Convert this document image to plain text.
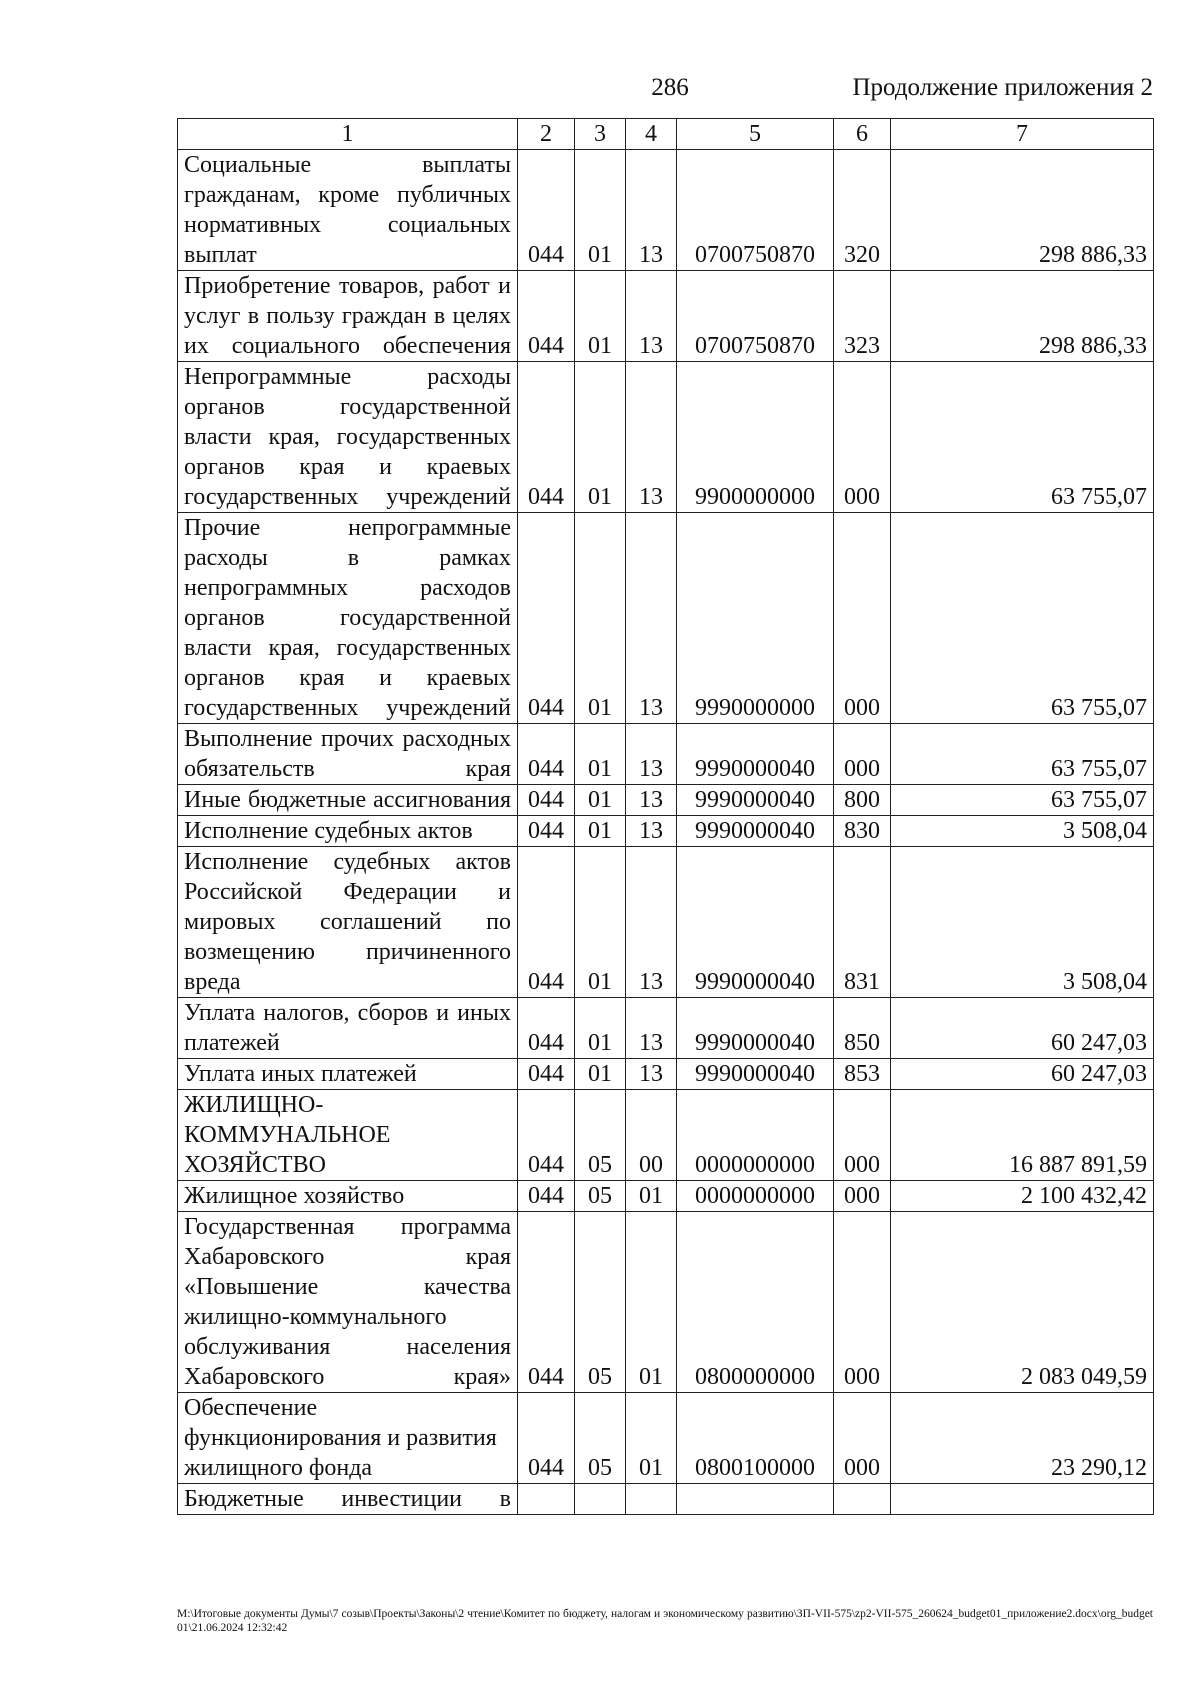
286	Продолжение приложения 2
1	2	3	4	5	6	7
Социальные выплаты гражданам, кроме публичных нормативных социальных выплат	044	01	13	0700750870	320	298 886,33
Приобретение товаров, работ и услуг в пользу граждан в целях их социального обеспечения	044	01	13	0700750870	323	298 886,33
Непрограммные расходы органов государственной власти края, государственных органов края и краевых государственных учреждений	044	01	13	9900000000	000	63 755,07
Прочие непрограммные расходы в рамках непрограммных расходов органов государственной власти края, государственных органов края и краевых государственных учреждений	044	01	13	9990000000	000	63 755,07
Выполнение прочих расходных обязательств края	044	01	13	9990000040	000	63 755,07
Иные бюджетные ассигнования	044	01	13	9990000040	800	63 755,07
Исполнение судебных актов	044	01	13	9990000040	830	3 508,04
Исполнение судебных актов Российской Федерации и мировых соглашений по возмещению причиненного вреда	044	01	13	9990000040	831	3 508,04
Уплата налогов, сборов и иных платежей	044	01	13	9990000040	850	60 247,03
Уплата иных платежей	044	01	13	9990000040	853	60 247,03
ЖИЛИЩНО-КОММУНАЛЬНОЕ ХОЗЯЙСТВО	044	05	00	0000000000	000	16 887 891,59
Жилищное хозяйство	044	05	01	0000000000	000	2 100 432,42
Государственная программа Хабаровского края «Повышение качества жилищно-коммунального обслуживания населения Хабаровского края»	044	05	01	0800000000	000	2 083 049,59
Обеспечение функционирования и развития жилищного фонда	044	05	01	0800100000	000	23 290,12
Бюджетные инвестиции в						
M:\Итоговые документы Думы\7 созыв\Проекты\Законы\2 чтение\Комитет по бюджету, налогам и экономическому развитию\ЗП-VII-575\zp2-VII-575_260624_budget01_приложение2.docx\org_budget01\21.06.2024 12:32:42
